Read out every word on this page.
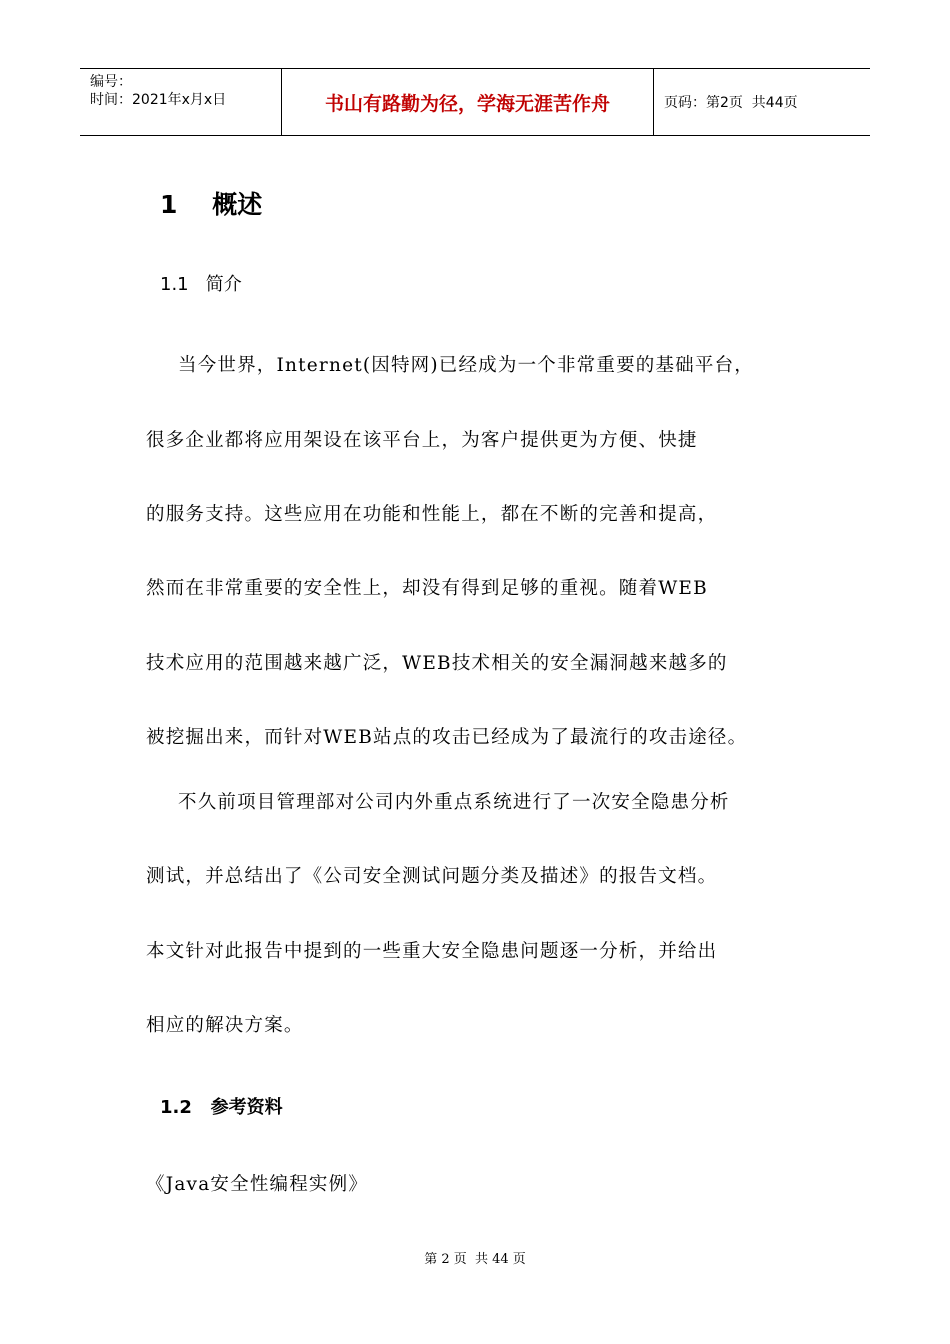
编号：
时间：2021年x月x日	书山有路勤为径，学海无涯苦作舟	页码：第2页  共44页
1    概述
1.1   简介
当今世界，Internet(因特网)已经成为一个非常重要的基础平台，
很多企业都将应用架设在该平台上，为客户提供更为方便、快捷
的服务支持。这些应用在功能和性能上，都在不断的完善和提高，
然而在非常重要的安全性上，却没有得到足够的重视。随着WEB
技术应用的范围越来越广泛，WEB技术相关的安全漏洞越来越多的
被挖掘出来，而针对WEB站点的攻击已经成为了最流行的攻击途径。
不久前项目管理部对公司内外重点系统进行了一次安全隐患分析
测试，并总结出了《公司安全测试问题分类及描述》的报告文档。
本文针对此报告中提到的一些重大安全隐患问题逐一分析，并给出
相应的解决方案。
1.2   参考资料
《Java安全性编程实例》
第 2 页  共 44 页
